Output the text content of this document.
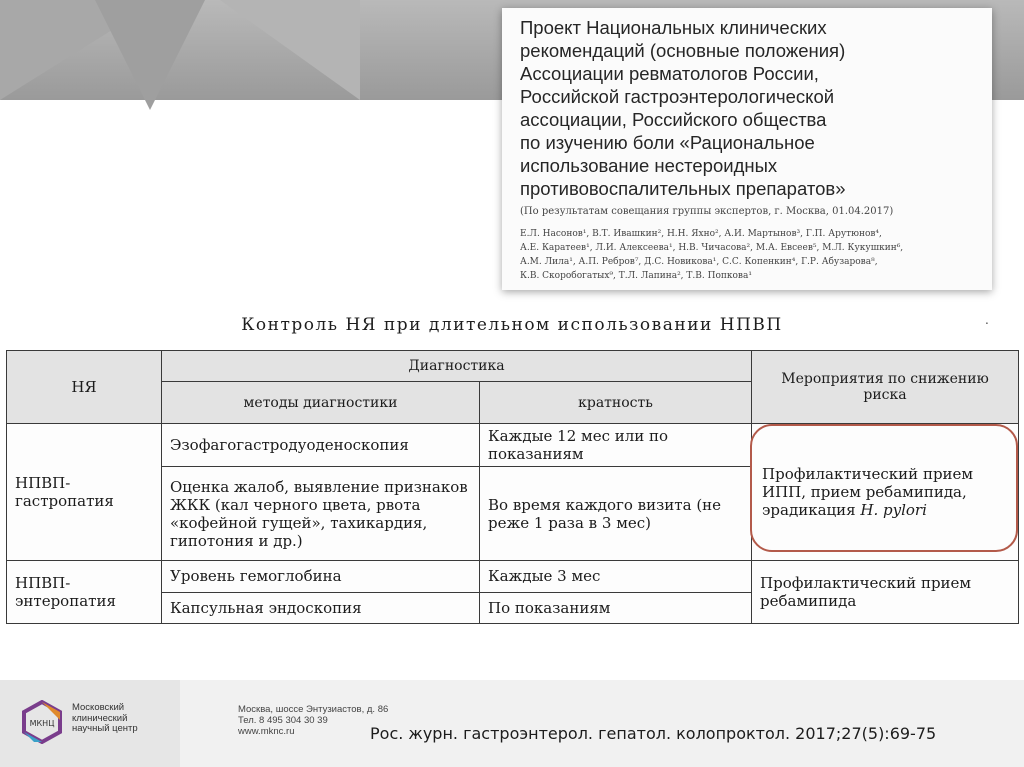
Проект Национальных клинических
рекомендаций (основные положения)
Ассоциации ревматологов России,
Российской гастроэнтерологической
ассоциации, Российского общества
по изучению боли «Рациональное
использование нестероидных
противовоспалительных препаратов»
(По результатам совещания группы экспертов, г. Москва, 01.04.2017)
Е.Л. Насонов¹, В.Т. Ивашкин², Н.Н. Яхно², А.И. Мартынов³, Г.П. Арутюнов⁴,
А.Е. Каратеев¹, Л.И. Алексеева¹, Н.В. Чичасова², М.А. Евсеев⁵, М.Л. Кукушкин⁶,
А.М. Лила¹, А.П. Ребров⁷, Д.С. Новикова¹, С.С. Копенкин⁴, Г.Р. Абузарова⁸,
К.В. Скоробогатых⁹, Т.Л. Лапина², Т.В. Попкова¹
.
Контроль НЯ при длительном использовании НПВП
НЯ	Диагностика		Мероприятия по снижению риска
	методы диагностики	кратность	
НПВП-гастропатия	Эзофагогастродуоденоскопия	Каждые 12 мес или по показаниям	Профилактический прием ИПП, прием ребамипида, эрадикация H. pylori

	Оценка жалоб, выявление признаков ЖКК (кал черного цвета, рвота «кофейной гущей», тахикардия, гипотония и др.)	Во время каждого визита (не реже 1 раза в 3 мес)	
НПВП-энтеропатия	Уровень гемоглобина	Каждые 3 мес	Профилактический прием ребамипида
	Капсульная эндоскопия	По показаниям	
МКНЦ
Московский
клинический
научный центр
Москва, шоссе Энтузиастов, д. 86
Тел. 8 495 304 30 39
www.mknc.ru	Рос. журн. гастроэнтерол. гепатол. колопроктол. 2017;27(5):69-75
